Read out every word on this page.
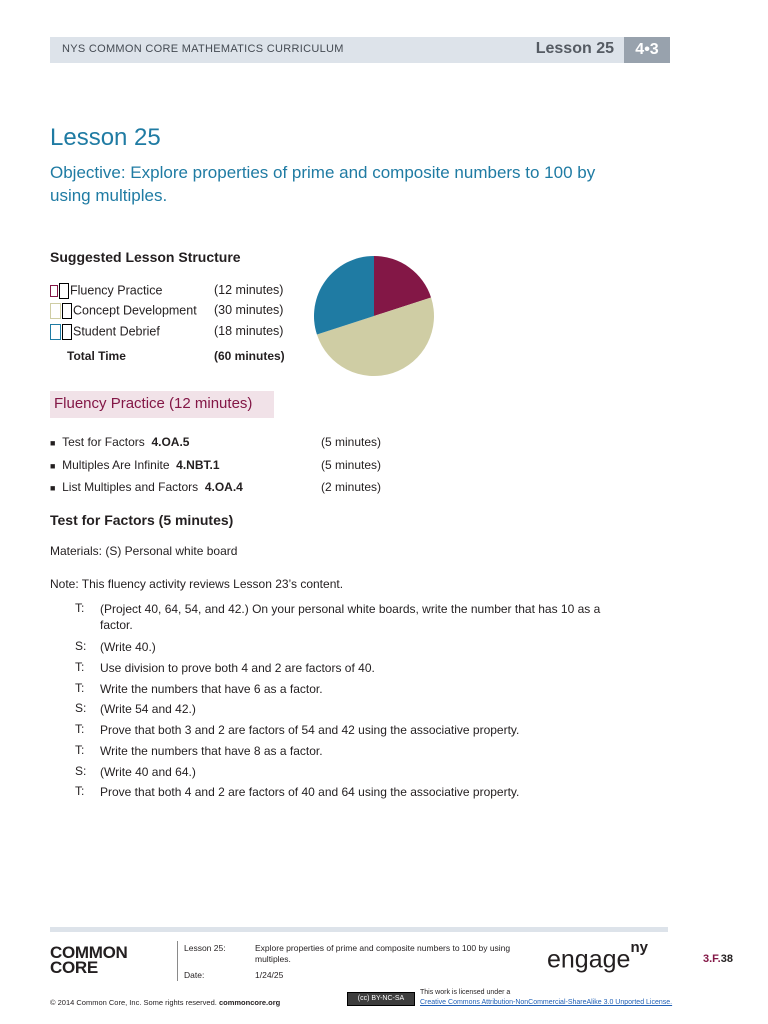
NYS COMMON CORE MATHEMATICS CURRICULUM	Lesson 25	4•3
Lesson 25
Objective: Explore properties of prime and composite numbers to 100 by
using multiples.
Suggested Lesson Structure
Fluency Practice	(12 minutes)
Concept Development (30 minutes)
Student Debrief	(18 minutes)
Total Time	(60 minutes)
Fluency Practice (12 minutes)
■ Test for Factors 4.OA.5	(5 minutes)
■ Multiples Are Infinite 4.NBT.1	(5 minutes)
■ List Multiples and Factors 4.OA.4	(2 minutes)
Test for Factors (5 minutes)
Materials: (S) Personal white board
Note: This fluency activity reviews Lesson 23’s content.
T: (Project 40, 64, 54, and 42.) On your personal white boards, write the number that has 10 as a
factor.
S: (Write 40.)
T: Use division to prove both 4 and 2 are factors of 40.
T: Write the numbers that have 6 as a factor.
S: (Write 54 and 42.)
T: Prove that both 3 and 2 are factors of 54 and 42 using the associative property.
T: Write the numbers that have 8 as a factor.
S: (Write 40 and 64.)
T: Prove that both 4 and 2 are factors of 40 and 64 using the associative property.
COMMON
CORE
Lesson 25:	Explore properties of prime and composite numbers to 100 by using
multiples.
Date:	1/24/25
engage$^{ny}$
3.F.38
© 2014 Common Core, Inc. Some rights reserved. commoncore.org	(cc) BY-NC-SA
This work is licensed under a
Creative Commons Attribution-NonCommercial-ShareAlike 3.0 Unported License.
